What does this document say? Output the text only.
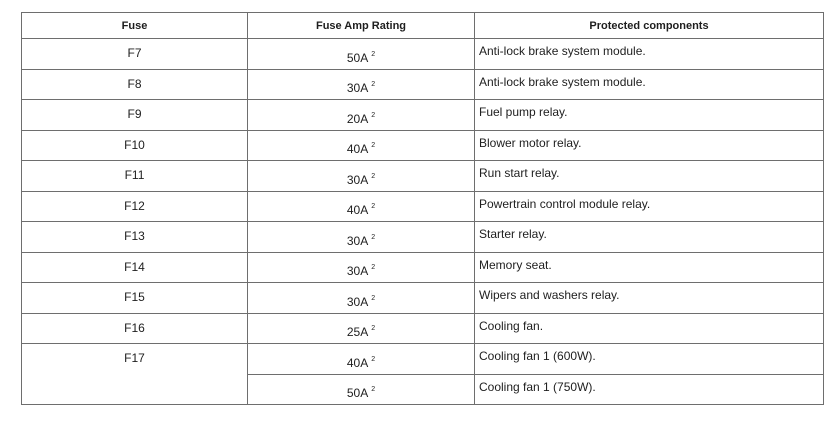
Fuse	Fuse Amp Rating	Protected components
F7	50A $^2$	Anti-lock brake system module.
F8	30A $^2$	Anti-lock brake system module.
F9	20A $^2$	Fuel pump relay.
F10	40A $^2$	Blower motor relay.
F11	30A $^2$	Run start relay.
F12	40A $^2$	Powertrain control module relay.
F13	30A $^2$	Starter relay.
F14	30A $^2$	Memory seat.
F15	30A $^2$	Wipers and washers relay.
F16	25A $^2$	Cooling fan.
F17	40A $^2$	Cooling fan 1 (600W).
	50A $^2$	Cooling fan 1 (750W).
